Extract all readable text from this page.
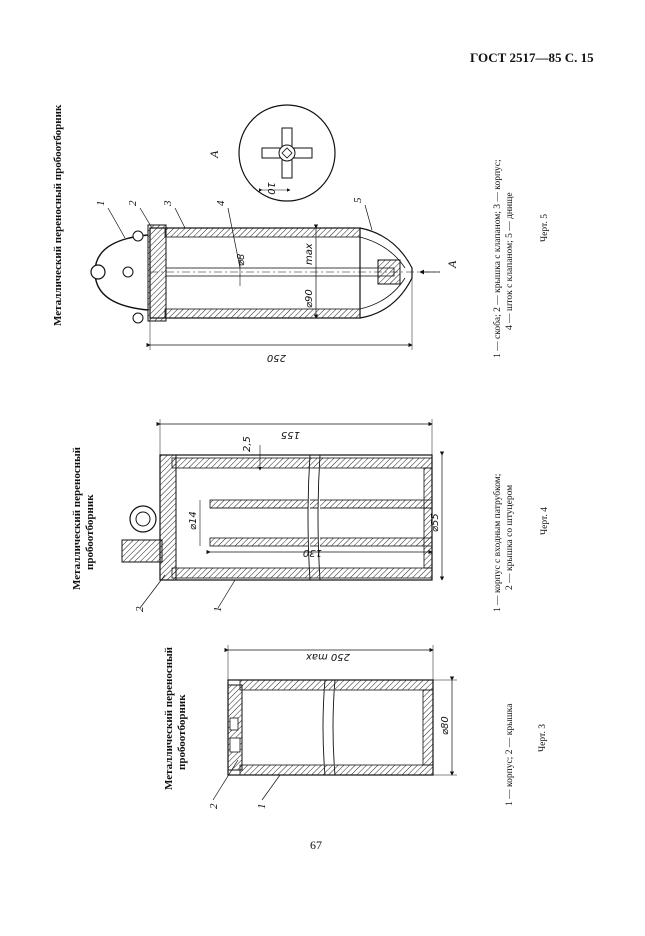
ГОСТ 2517—85 С. 15
Металлический переносный пробоотборник
250 max
⌀80
2	1
1 — корпус; 2 — крышка Черт. 3
Металлический переносный пробоотборник
155
2,5
⌀14
130
⌀55
2	1	1 — корпус с входным патрубком; 2 — крышка со штуцером	Черт. 4
Металлический переносный пробоотборник
250
⌀8
⌀90
max	А
1 2 3	4
5
10
А
1 — скоба; 2 — крышка с клапаном; 3 — корпус; 4 — шток с клапаном; 5 — днище	Черт. 5
67
